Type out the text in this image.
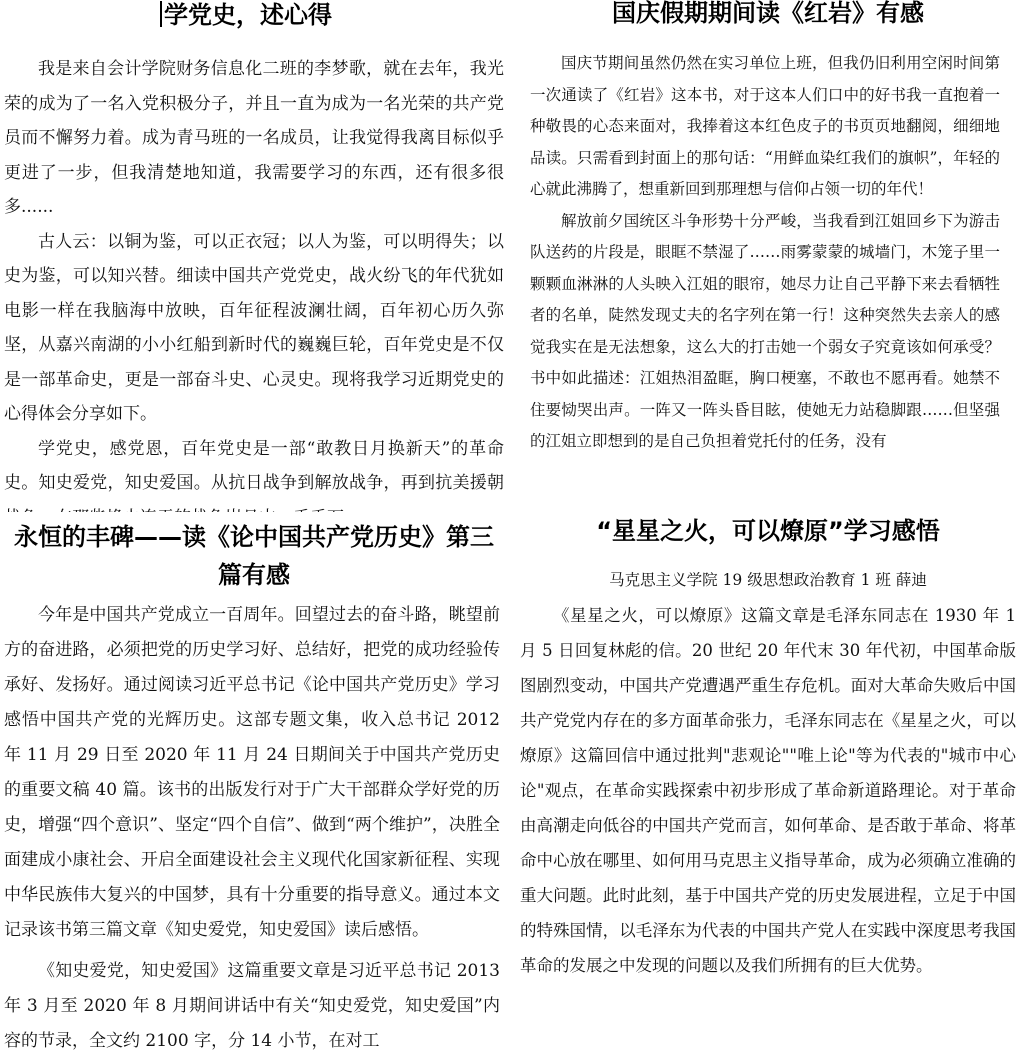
学党史，述心得

我是来自会计学院财务信息化二班的李梦歌，就在去年，我光荣的成为了一名入党积极分子，并且一直为成为一名光荣的共产党员而不懈努力着。成为青马班的一名成员，让我觉得我离目标似乎更进了一步，但我清楚地知道，我需要学习的东西，还有很多很多......

古人云：以铜为鉴，可以正衣冠；以人为鉴，可以明得失；以史为鉴，可以知兴替。细读中国共产党党史，战火纷飞的年代犹如电影一样在我脑海中放映，百年征程波澜壮阔，百年初心历久弥坚，从嘉兴南湖的小小红船到新时代的巍巍巨轮，百年党史是不仅是一部革命史，更是一部奋斗史、心灵史。现将我学习近期党史的心得体会分享如下。

学党史，感党恩，百年党史是一部“敢教日月换新天”的革命史。知史爱党，知史爱国。从抗日战争到解放战争，再到抗美援朝

国庆假期期间读《红岩》有感

国庆节期间虽然仍然在实习单位上班，但我仍旧利用空闲时间第一次通读了《红岩》这本书，对于这本人们口中的好书我一直抱着一种敬畏的心态来面对，我捧着这本红色皮子的书页页地翻阅，细细地品读。只需看到封面上的那句话：“用鲜血染红我们的旗帜”，年轻的心就此沸腾了，想重新回到那理想与信仰占领一切的年代！

解放前夕国统区斗争形势十分严峻，当我看到江姐回乡下为游击队送药的片段是，眼眶不禁湿了……雨雾蒙蒙的城墙门，木笼子里一颗颗血淋淋的人头映入江姐的眼帘，她尽力让自己平静下来去看牺牲者的名单，陡然发现丈夫的名字列在第一行！这种突然失去亲人的感觉我实在是无法想象，这么大的打击她一个弱女子究竟该如何承受？书中如此描述：江姐热泪盈眶，胸口梗塞，不敢也不愿再看。她禁不住要恸哭出声。一阵又一阵头昏目眩，使她无力站稳脚跟……但坚强的江姐立即想到的是自己负担着党托付的任务，没有

永恒的丰碑——读《论中国共产党历史》第三篇有感

今年是中国共产党成立一百周年。回望过去的奋斗路，眺望前方的奋进路，必须把党的历史学习好、总结好，把党的成功经验传承好、发扬好。通过阅读习近平总书记《论中国共产党历史》学习感悟中国共产党的光辉历史。这部专题文集，收入总书记 2012 年 11 月 29 日至 2020 年 11 月 24 日期间关于中国共产党历史的重要文稿 40 篇。该书的出版发行对于广大干部群众学好党的历史，增强“四个意识”、坚定“四个自信”、做到“两个维护”，决胜全面建成小康社会、开启全面建设社会主义现代化国家新征程、实现中华民族伟大复兴的中国梦，具有十分重要的指导意义。通过本文记录该书第三篇文章《知史爱党，知史爱国》读后感悟。

《知史爱党，知史爱国》这篇重要文章是习近平总书记 2013 年 3 月至 2020 年 8 月期间讲话中有关“知史爱党，知史爱国”内容的节录，全文约 2100 字，分 14 小节，在对工

“星星之火，可以燎原”学习感悟
马克思主义学院 19 级思想政治教育 1 班 薛迪

《星星之火，可以燎原》这篇文章是毛泽东同志在 1930 年 1 月 5 日回复林彪的信。20 世纪 20 年代末 30 年代初，中国革命版图剧烈变动，中国共产党遭遇严重生存危机。面对大革命失败后中国共产党党内存在的多方面革命张力，毛泽东同志在《星星之火，可以燎原》这篇回信中通过批判"悲观论""唯上论"等为代表的"城市中心论"观点，在革命实践探索中初步形成了革命新道路理论。对于革命由高潮走向低谷的中国共产党而言，如何革命、是否敢于革命、将革命中心放在哪里、如何用马克思主义指导革命，成为必须确立准确的重大问题。此时此刻，基于中国共产党的历史发展进程，立足于中国的特殊国情，以毛泽东为代表的中国共产党人在实践中深度思考我国革命的发展之中发现的问题以及我们所拥有的巨大优势。
